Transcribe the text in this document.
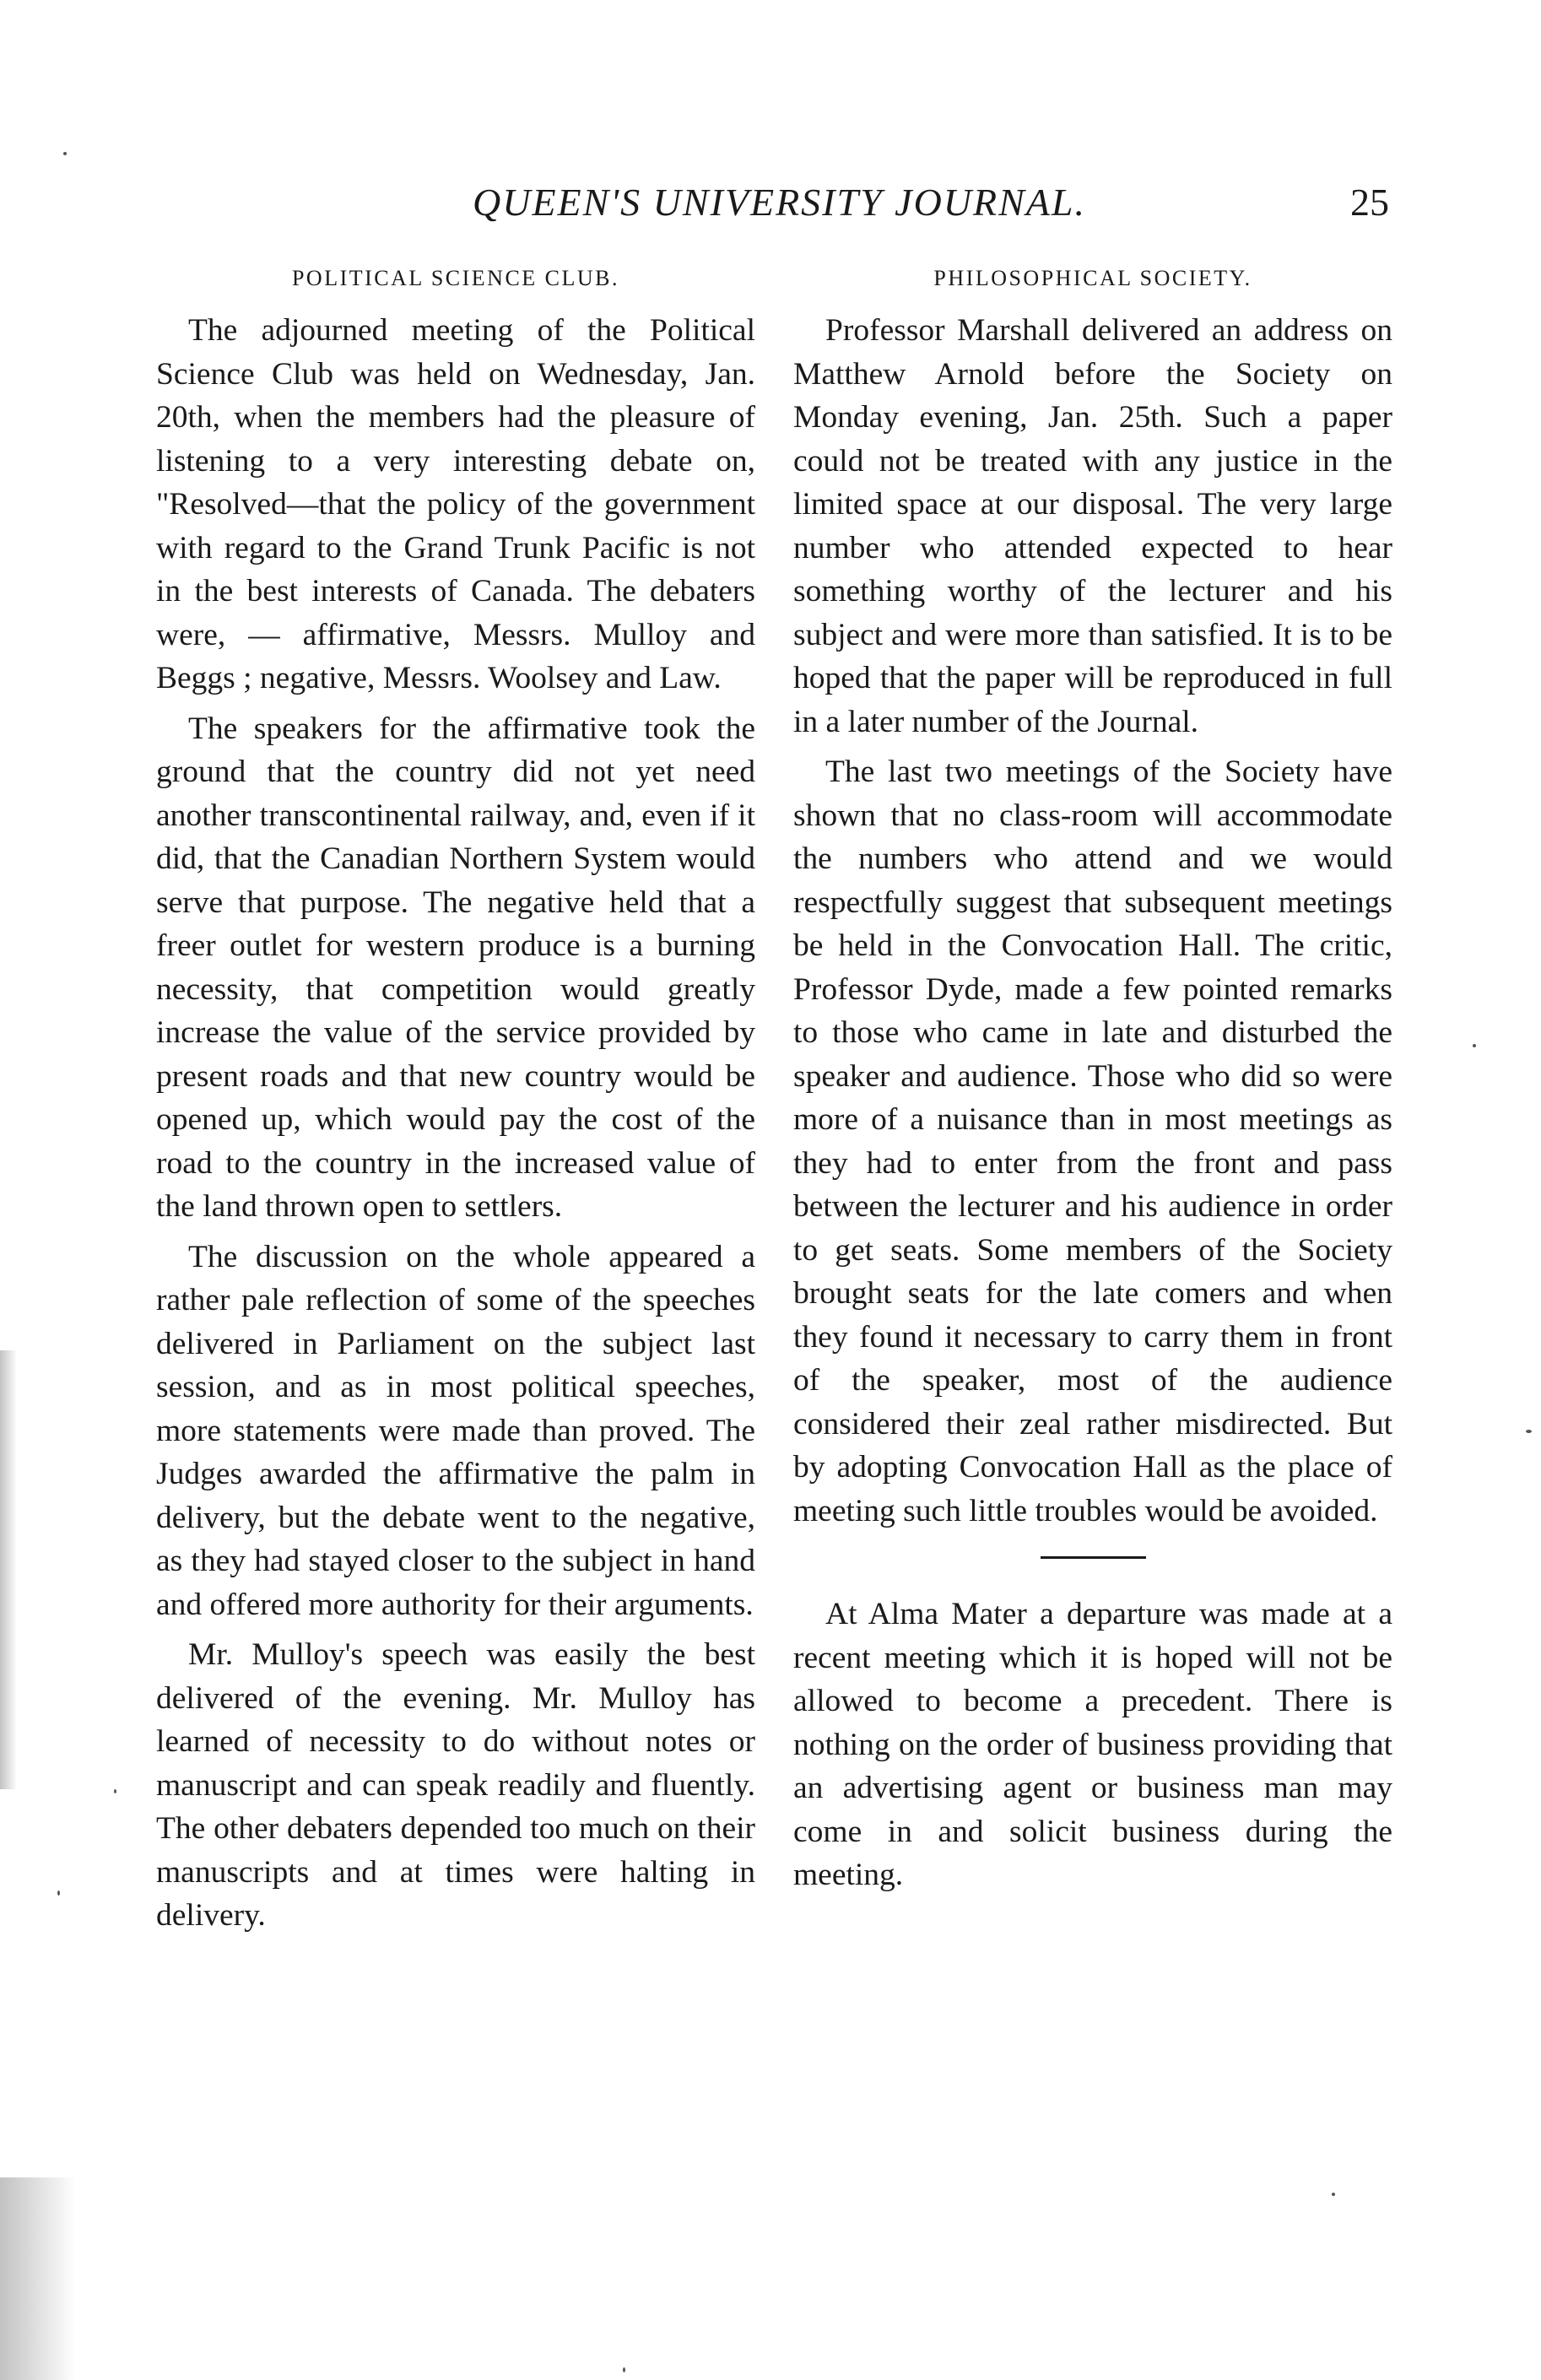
QUEEN'S UNIVERSITY JOURNAL.	25
POLITICAL SCIENCE CLUB.

The adjourned meeting of the Political Science Club was held on Wednesday, Jan. 20th, when the members had the pleasure of listening to a very interesting debate on, "Resolved—that the policy of the government with regard to the Grand Trunk Pacific is not in the best interests of Canada. The debaters were, — affirmative, Messrs. Mulloy and Beggs ; negative, Messrs. Woolsey and Law.

The speakers for the affirmative took the ground that the country did not yet need another transcontinental railway, and, even if it did, that the Canadian Northern System would serve that purpose. The negative held that a freer outlet for western produce is a burning necessity, that competition would greatly increase the value of the service provided by present roads and that new country would be opened up, which would pay the cost of the road to the country in the increased value of the land thrown open to settlers.

The discussion on the whole appeared a rather pale reflection of some of the speeches delivered in Parliament on the subject last session, and as in most political speeches, more statements were made than proved. The Judges awarded the affirmative the palm in delivery, but the debate went to the negative, as they had stayed closer to the subject in hand and offered more authority for their arguments.

Mr. Mulloy's speech was easily the best delivered of the evening. Mr. Mulloy has learned of necessity to do without notes or manuscript and can speak readily and fluently. The other debaters depended too much on their manuscripts and at times were halting in delivery.

PHILOSOPHICAL SOCIETY.

Professor Marshall delivered an address on Matthew Arnold before the Society on Monday evening, Jan. 25th. Such a paper could not be treated with any justice in the limited space at our disposal. The very large number who attended expected to hear something worthy of the lecturer and his subject and were more than satisfied. It is to be hoped that the paper will be reproduced in full in a later number of the Journal.

The last two meetings of the Society have shown that no class-room will accommodate the numbers who attend and we would respectfully suggest that subsequent meetings be held in the Convocation Hall. The critic, Professor Dyde, made a few pointed remarks to those who came in late and disturbed the speaker and audience. Those who did so were more of a nuisance than in most meetings as they had to enter from the front and pass between the lecturer and his audience in order to get seats. Some members of the Society brought seats for the late comers and when they found it necessary to carry them in front of the speaker, most of the audience considered their zeal rather misdirected. But by adopting Convocation Hall as the place of meeting such little troubles would be avoided.

At Alma Mater a departure was made at a recent meeting which it is hoped will not be allowed to become a precedent. There is nothing on the order of business providing that an advertising agent or business man may come in and solicit business during the meeting.
